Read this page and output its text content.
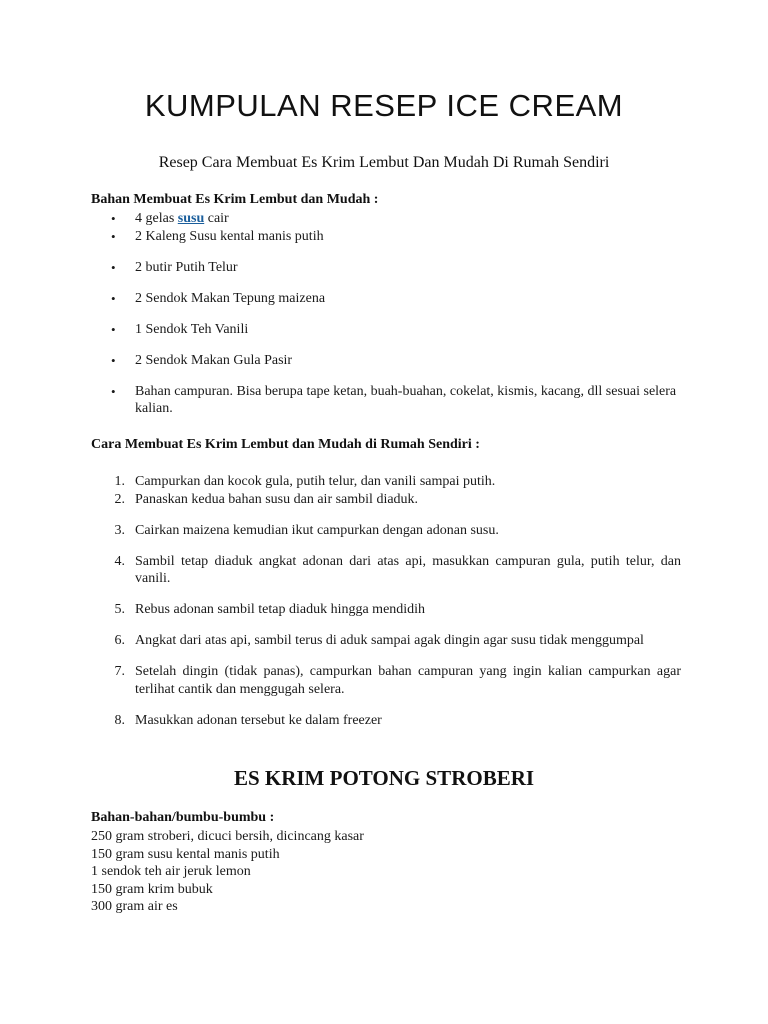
KUMPULAN RESEP ICE CREAM
Resep Cara Membuat Es Krim Lembut Dan Mudah Di Rumah Sendiri
Bahan Membuat Es Krim Lembut dan Mudah :
• 4 gelas susu cair
• 2 Kaleng Susu kental manis putih
• 2 butir Putih Telur
• 2 Sendok Makan Tepung maizena
• 1 Sendok Teh Vanili
• 2 Sendok Makan Gula Pasir
• Bahan campuran. Bisa berupa tape ketan, buah-buahan, cokelat, kismis, kacang, dll sesuai selera kalian.
Cara Membuat Es Krim Lembut dan Mudah di Rumah Sendiri :
1. Campurkan dan kocok gula, putih telur, dan vanili sampai putih.
2. Panaskan kedua bahan susu dan air sambil diaduk.
3. Cairkan maizena kemudian ikut campurkan dengan adonan susu.
4. Sambil tetap diaduk angkat adonan dari atas api, masukkan campuran gula, putih telur, dan vanili.
5. Rebus adonan sambil tetap diaduk hingga mendidih
6. Angkat dari atas api, sambil terus di aduk sampai agak dingin agar susu tidak menggumpal
7. Setelah dingin (tidak panas), campurkan bahan campuran yang ingin kalian campurkan agar terlihat cantik dan menggugah selera.
8. Masukkan adonan tersebut ke dalam freezer
ES KRIM POTONG STROBERI
Bahan-bahan/bumbu-bumbu :
250 gram stroberi, dicuci bersih, dicincang kasar
150 gram susu kental manis putih
1 sendok teh air jeruk lemon
150 gram krim bubuk
300 gram air es
